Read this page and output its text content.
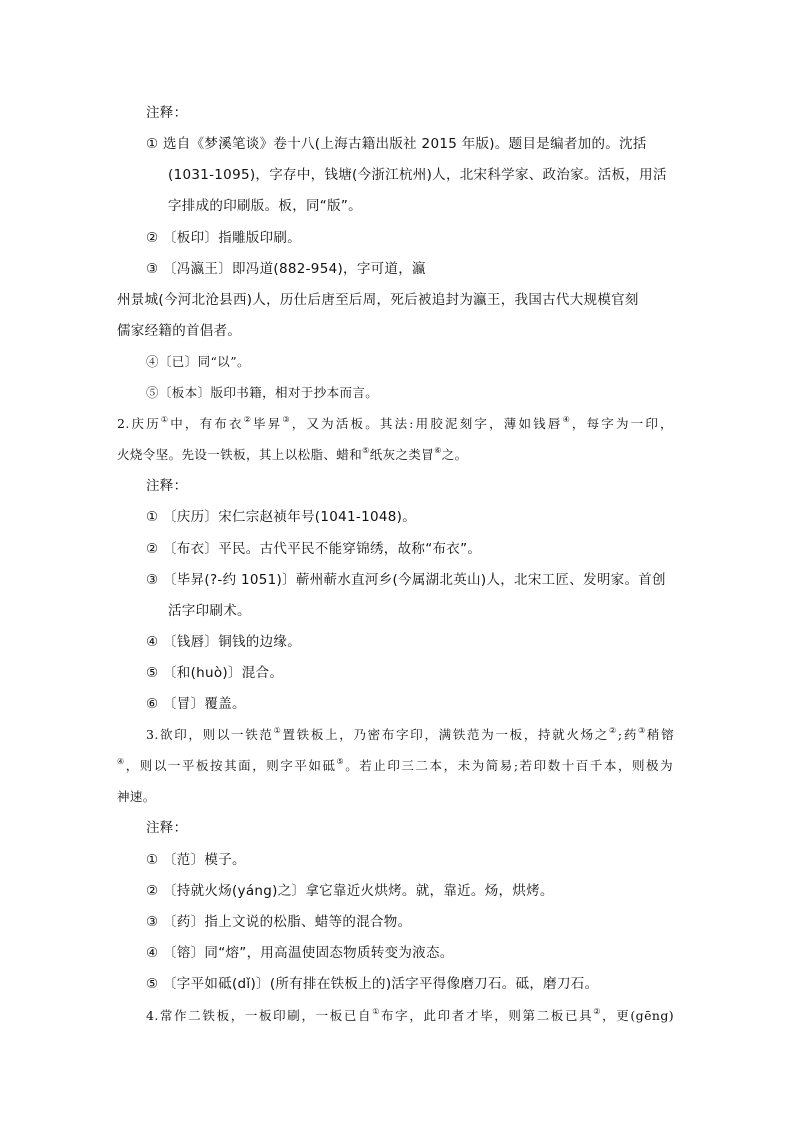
注释：
① 选自《梦溪笔谈》卷十八(上海古籍出版社 2015 年版)。题目是编者加的。沈括
(1031-1095)，字存中，钱塘(今浙江杭州)人，北宋科学家、政治家。活板，用活
字排成的印刷版。板，同“版”。
② 〔板印〕指雕版印刷。
③ 〔冯瀛王〕即冯道(882-954)，字可道，瀛
州景城(今河北沧县西)人，历仕后唐至后周，死后被追封为瀛王，我国古代大规模官刻
儒家经籍的首倡者。
④〔已〕同“以”。
⑤〔板本〕版印书籍，相对于抄本而言。
2.庆历①中，有布衣②毕昇③，又为活板。其法:用胶泥刻字，薄如钱唇④，每字为一印，
火烧令坚。先设一铁板，其上以松脂、蜡和⑤纸灰之类冒⑥之。
注释：
① 〔庆历〕宋仁宗赵祯年号(1041-1048)。
② 〔布衣〕平民。古代平民不能穿锦绣，故称“布衣”。
③ 〔毕昇(?-约 1051)〕蕲州蕲水直河乡(今属湖北英山)人，北宋工匠、发明家。首创
活字印刷术。
④ 〔钱唇〕铜钱的边缘。
⑤ 〔和(huò)〕混合。
⑥ 〔冒〕覆盖。
3.欲印，则以一铁范①置铁板上，乃密布字印，满铁范为一板，持就火炀之②;药③稍镕
④，则以一平板按其面，则字平如砥⑤。若止印三二本，未为简易;若印数十百千本，则极为
神速。
注释：
① 〔范〕模子。
② 〔持就火炀(yáng)之〕拿它靠近火烘烤。就，靠近。炀，烘烤。
③ 〔药〕指上文说的松脂、蜡等的混合物。
④ 〔镕〕同“熔”，用高温使固态物质转变为液态。
⑤ 〔字平如砥(dǐ)〕(所有排在铁板上的)活字平得像磨刀石。砥，磨刀石。
4.常作二铁板，一板印刷，一板已自①布字，此印者才毕，则第二板已具②，更(gēng)
